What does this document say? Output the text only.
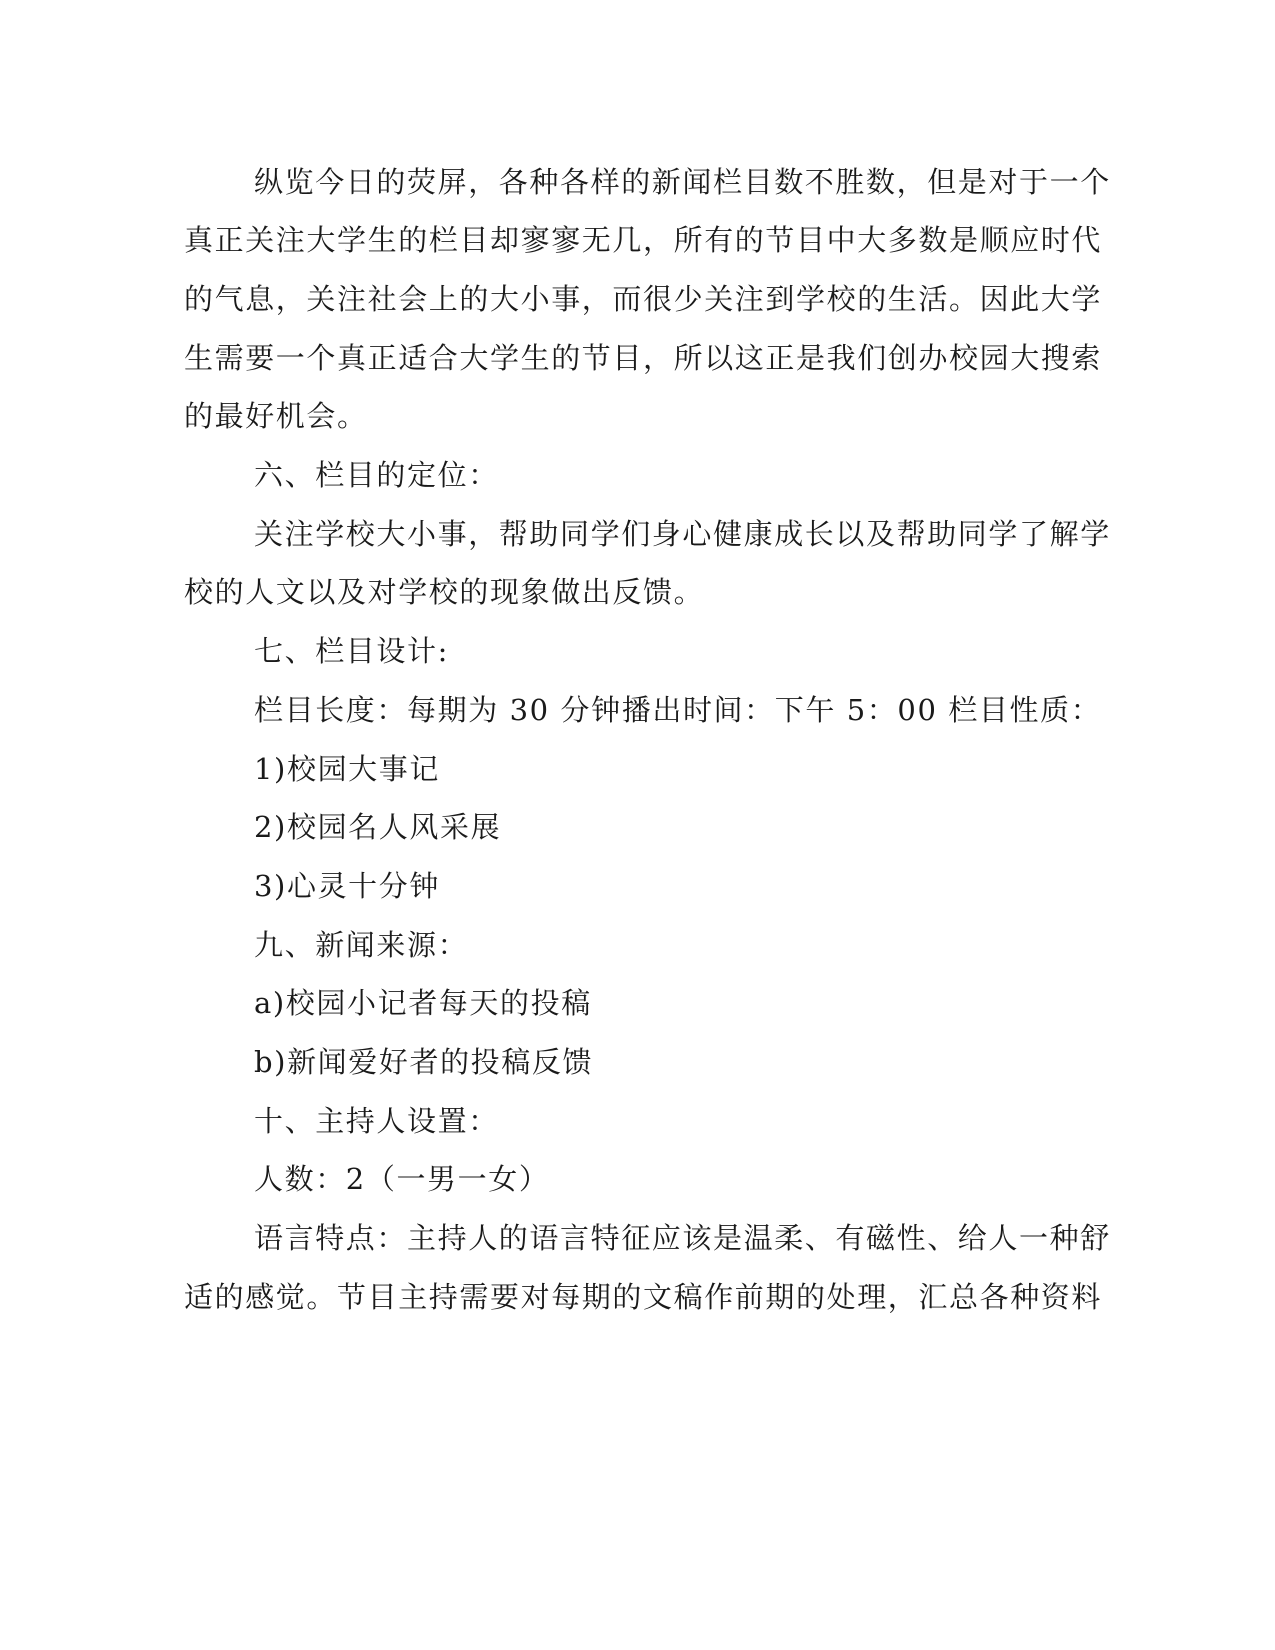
纵览今日的荧屏，各种各样的新闻栏目数不胜数，但是对于一个

真正关注大学生的栏目却寥寥无几，所有的节目中大多数是顺应时代

的气息，关注社会上的大小事，而很少关注到学校的生活。因此大学

生需要一个真正适合大学生的节目，所以这正是我们创办校园大搜索

的最好机会。

六、栏目的定位：

关注学校大小事，帮助同学们身心健康成长以及帮助同学了解学

校的人文以及对学校的现象做出反馈。

七、栏目设计:

栏目长度：每期为 30 分钟播出时间：下午 5：00 栏目性质：

1)校园大事记

2)校园名人风采展

3)心灵十分钟

九、新闻来源：

a)校园小记者每天的投稿

b)新闻爱好者的投稿反馈

十、主持人设置：

人数：2（一男一女）

语言特点：主持人的语言特征应该是温柔、有磁性、给人一种舒

适的感觉。节目主持需要对每期的文稿作前期的处理，汇总各种资料
